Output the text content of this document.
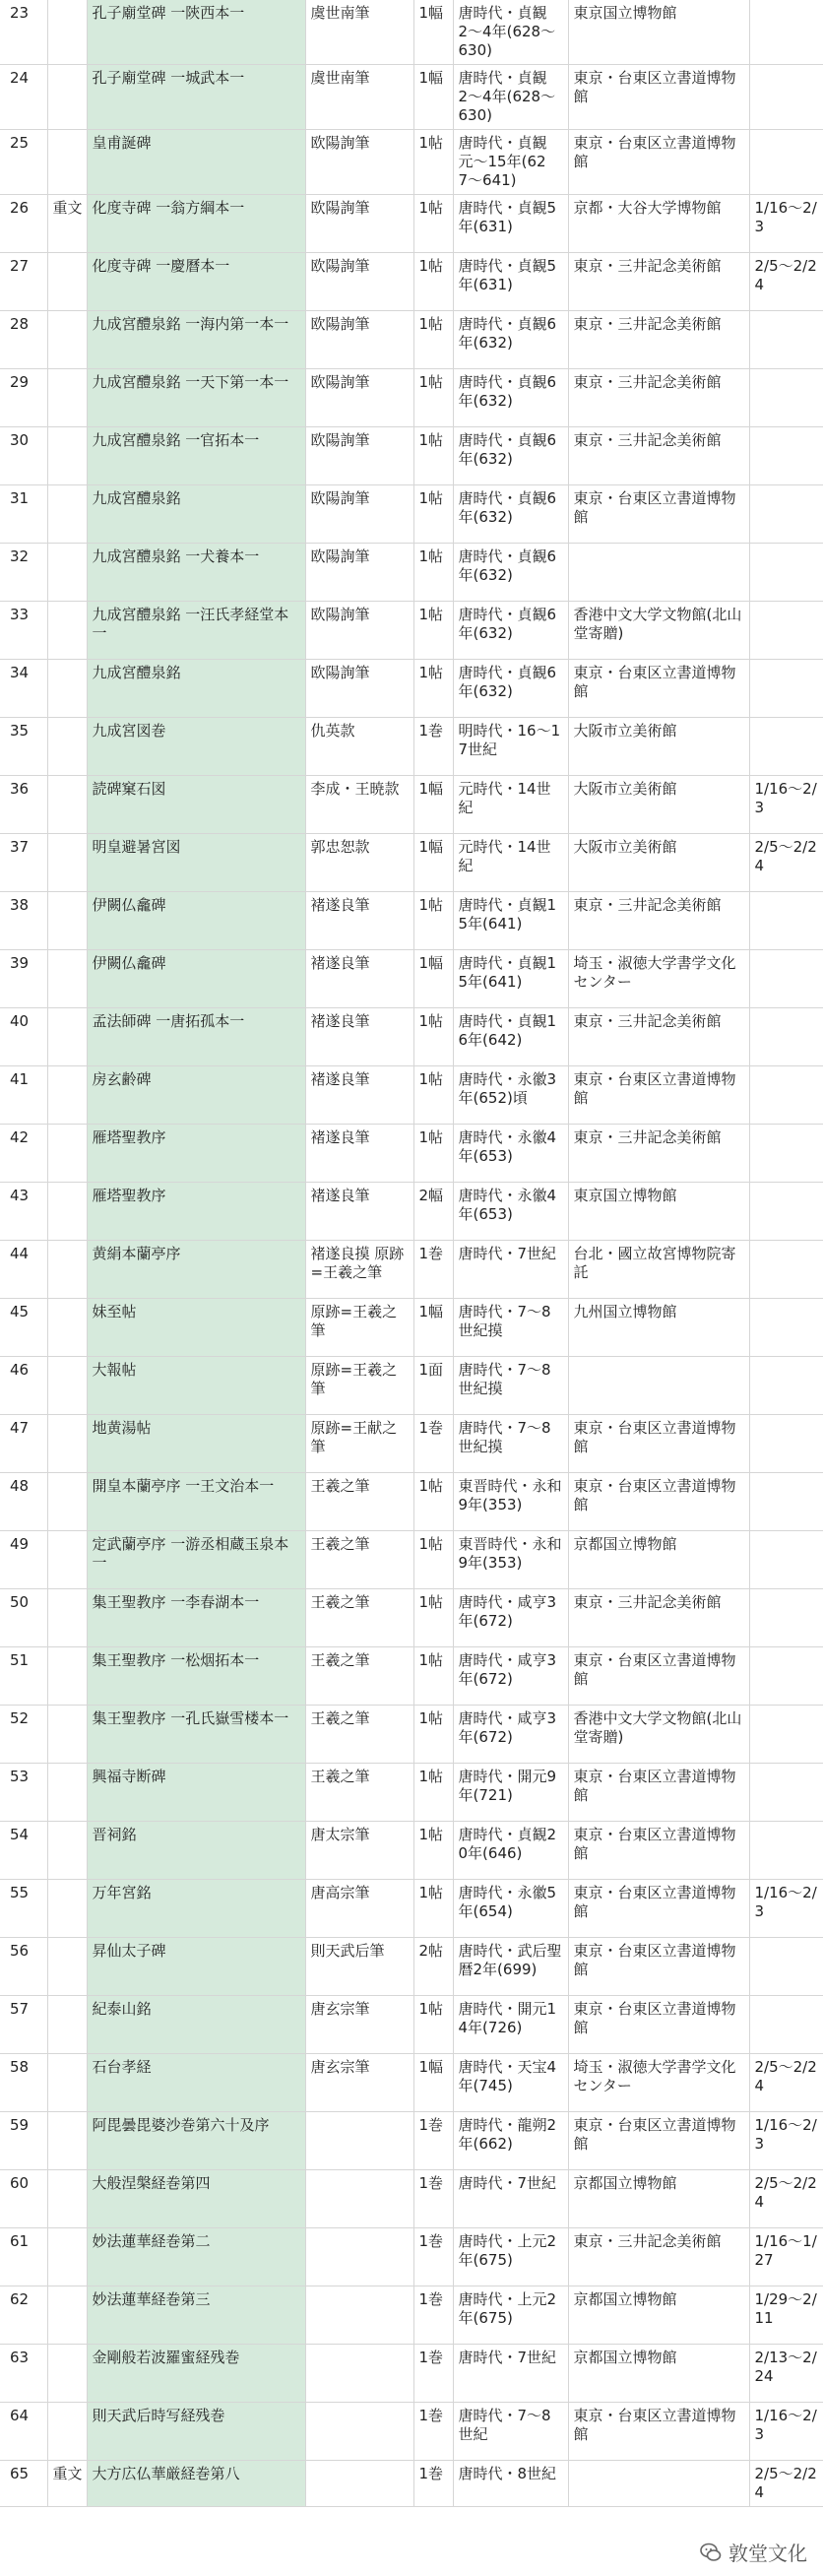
23		孔子廟堂碑 一陝西本一	虞世南筆	1幅	唐時代・貞観2〜4年(628〜630)	東京国立博物館	
24		孔子廟堂碑 一城武本一	虞世南筆	1幅	唐時代・貞観2〜4年(628〜630)	東京・台東区立書道博物館	
25		皇甫誕碑	欧陽詢筆	1帖	唐時代・貞観元〜15年(627〜641)	東京・台東区立書道博物館	
26	重文	化度寺碑 一翁方綱本一	欧陽詢筆	1帖	唐時代・貞観5年(631)	京都・大谷大学博物館	1/16〜2/3
27		化度寺碑 一慶曆本一	欧陽詢筆	1帖	唐時代・貞観5年(631)	東京・三井記念美術館	2/5〜2/24
28		九成宮醴泉銘 一海内第一本一	欧陽詢筆	1帖	唐時代・貞観6年(632)	東京・三井記念美術館	
29		九成宮醴泉銘 一天下第一本一	欧陽詢筆	1帖	唐時代・貞観6年(632)	東京・三井記念美術館	
30		九成宮醴泉銘 一官拓本一	欧陽詢筆	1帖	唐時代・貞観6年(632)	東京・三井記念美術館	
31		九成宮醴泉銘	欧陽詢筆	1帖	唐時代・貞観6年(632)	東京・台東区立書道博物館	
32		九成宮醴泉銘 一犬養本一	欧陽詢筆	1帖	唐時代・貞観6年(632)		
33		九成宮醴泉銘 一汪氏孝経堂本一	欧陽詢筆	1帖	唐時代・貞観6年(632)	香港中文大学文物館(北山堂寄贈)	
34		九成宮醴泉銘	欧陽詢筆	1帖	唐時代・貞観6年(632)	東京・台東区立書道博物館	
35		九成宮図巻	仇英款	1巻	明時代・16〜17世紀	大阪市立美術館	
36		読碑窠石図	李成・王暁款	1幅	元時代・14世紀	大阪市立美術館	1/16〜2/3
37		明皇避暑宮図	郭忠恕款	1幅	元時代・14世紀	大阪市立美術館	2/5〜2/24
38		伊闕仏龕碑	褚遂良筆	1帖	唐時代・貞観15年(641)	東京・三井記念美術館	
39		伊闕仏龕碑	褚遂良筆	1幅	唐時代・貞観15年(641)	埼玉・淑徳大学書学文化センター	
40		孟法師碑 一唐拓孤本一	褚遂良筆	1帖	唐時代・貞観16年(642)	東京・三井記念美術館	
41		房玄齢碑	褚遂良筆	1帖	唐時代・永徽3年(652)頃	東京・台東区立書道博物館	
42		雁塔聖教序	褚遂良筆	1帖	唐時代・永徽4年(653)	東京・三井記念美術館	
43		雁塔聖教序	褚遂良筆	2幅	唐時代・永徽4年(653)	東京国立博物館	
44		黄絹本蘭亭序	褚遂良摸 原跡=王羲之筆	1巻	唐時代・7世紀	台北・國立故宮博物院寄託	
45		妹至帖	原跡=王羲之筆	1幅	唐時代・7〜8世紀摸	九州国立博物館	
46		大報帖	原跡=王羲之筆	1面	唐時代・7〜8世紀摸		
47		地黄湯帖	原跡=王献之筆	1巻	唐時代・7〜8世紀摸	東京・台東区立書道博物館	
48		開皇本蘭亭序 一王文治本一	王羲之筆	1帖	東晋時代・永和9年(353)	東京・台東区立書道博物館	
49		定武蘭亭序 一游丞相蔵玉泉本一	王羲之筆	1帖	東晋時代・永和9年(353)	京都国立博物館	
50		集王聖教序 一李春湖本一	王羲之筆	1帖	唐時代・咸亨3年(672)	東京・三井記念美術館	
51		集王聖教序 一松烟拓本一	王羲之筆	1帖	唐時代・咸亨3年(672)	東京・台東区立書道博物館	
52		集王聖教序 一孔氏嶽雪楼本一	王羲之筆	1帖	唐時代・咸亨3年(672)	香港中文大学文物館(北山堂寄贈)	
53		興福寺断碑	王羲之筆	1帖	唐時代・開元9年(721)	東京・台東区立書道博物館	
54		晋祠銘	唐太宗筆	1帖	唐時代・貞観20年(646)	東京・台東区立書道博物館	
55		万年宮銘	唐高宗筆	1帖	唐時代・永徽5年(654)	東京・台東区立書道博物館	1/16〜2/3
56		昇仙太子碑	則天武后筆	2帖	唐時代・武后聖暦2年(699)	東京・台東区立書道博物館	
57		紀泰山銘	唐玄宗筆	1帖	唐時代・開元14年(726)	東京・台東区立書道博物館	
58		石台孝経	唐玄宗筆	1幅	唐時代・天宝4年(745)	埼玉・淑徳大学書学文化センター	2/5〜2/24
59		阿毘曇毘婆沙巻第六十及序		1巻	唐時代・龍朔2年(662)	東京・台東区立書道博物館	1/16〜2/3
60		大般涅槃経巻第四		1巻	唐時代・7世紀	京都国立博物館	2/5〜2/24
61		妙法蓮華経巻第二		1巻	唐時代・上元2年(675)	東京・三井記念美術館	1/16〜1/27
62		妙法蓮華経巻第三		1巻	唐時代・上元2年(675)	京都国立博物館	1/29〜2/11
63		金剛般若波羅蜜経残巻		1巻	唐時代・7世紀	京都国立博物館	2/13〜2/24
64		則天武后時写経残巻		1巻	唐時代・7〜8世紀	東京・台東区立書道博物館	1/16〜2/3
65	重文	大方広仏華厳経巻第八		1巻	唐時代・8世紀		2/5〜2/24
敦堂文化
